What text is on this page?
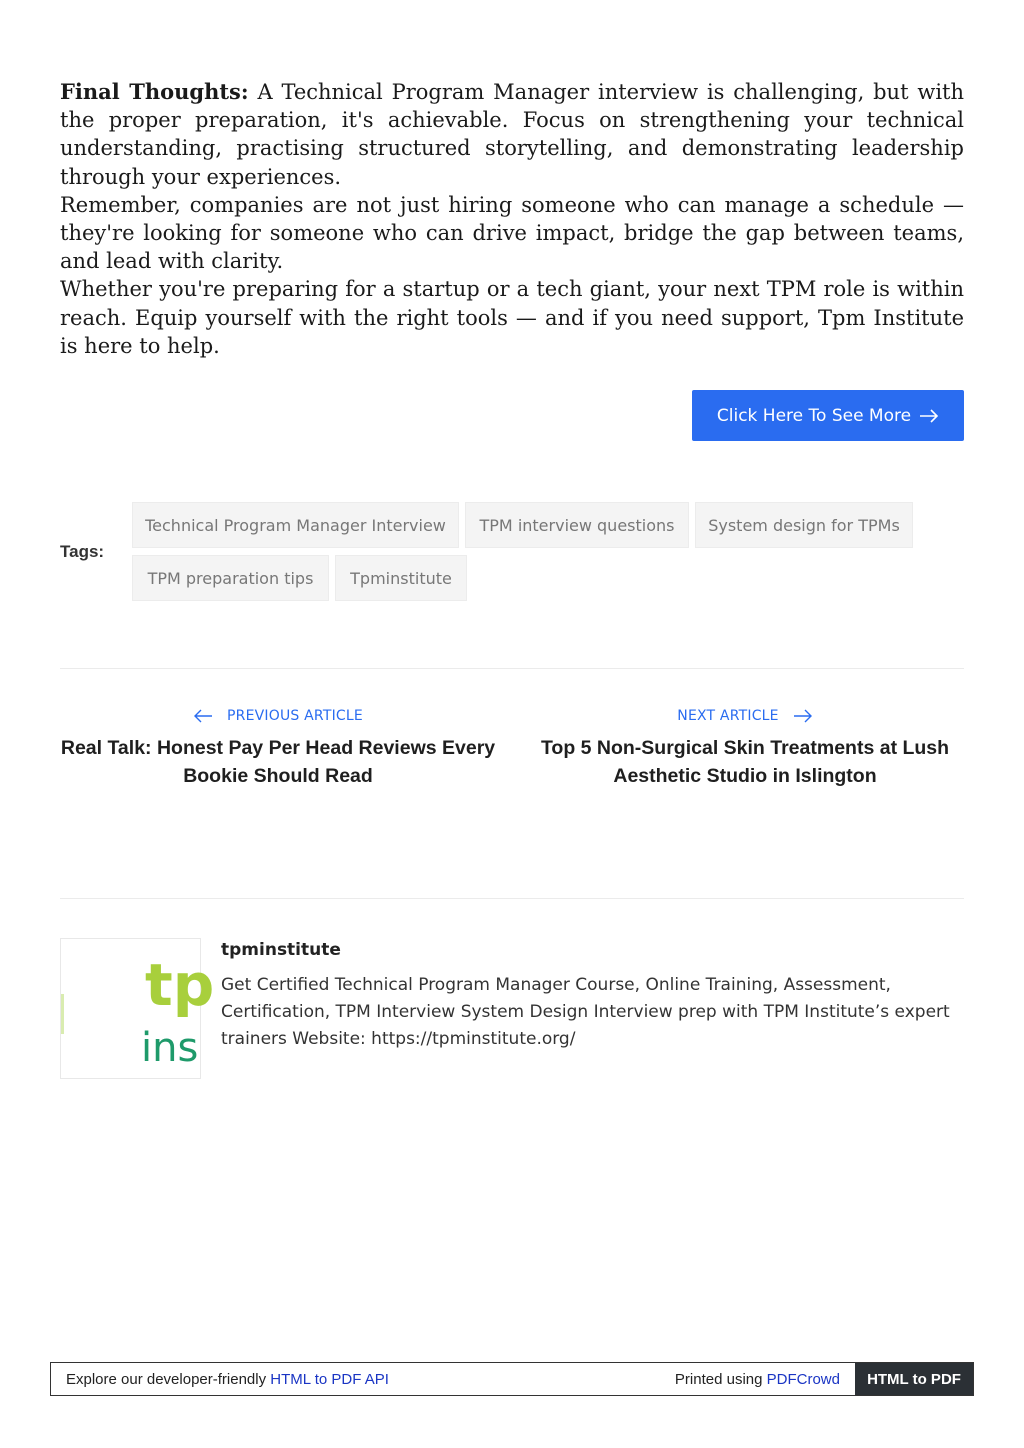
Final Thoughts: A Technical Program Manager interview is challenging, but with the proper preparation, it's achievable. Focus on strengthening your technical understanding, practising structured storytelling, and demonstrating leadership through your experiences.

Remember, companies are not just hiring someone who can manage a schedule — they're looking for someone who can drive impact, bridge the gap between teams, and lead with clarity.

Whether you're preparing for a startup or a tech giant, your next TPM role is within reach. Equip yourself with the right tools — and if you need support, Tpm Institute is here to help.

Click Here To See More
Tags:
Technical Program Manager Interview	TPM interview questions	System design for TPMs
TPM preparation tips	Tpminstitute
PREVIOUS ARTICLE
Real Talk: Honest Pay Per Head Reviews Every Bookie Should Read
NEXT ARTICLE
Top 5 Non-Surgical Skin Treatments at Lush Aesthetic Studio in Islington
tp
ins
tpminstitute
Get Certified Technical Program Manager Course, Online Training, Assessment, Certification, TPM Interview System Design Interview prep with TPM Institute’s expert trainers Website: https://tpminstitute.org/
Explore our developer-friendly HTML to PDF API	Printed using PDFCrowd	HTML to PDF
